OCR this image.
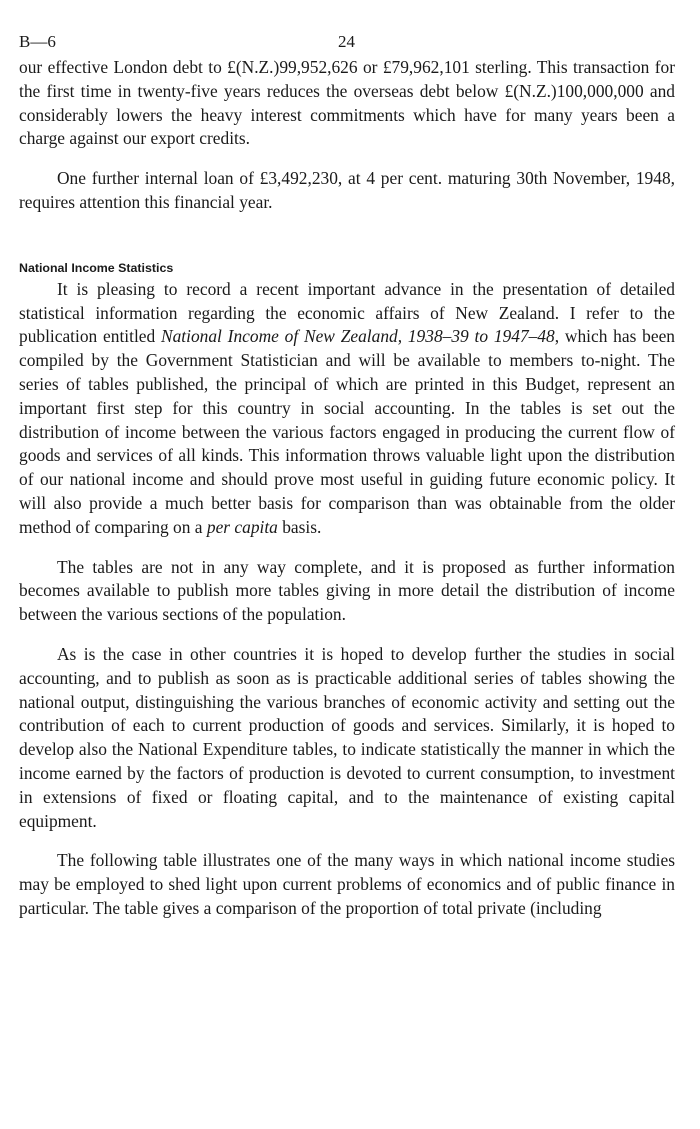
B—6	24

our effective London debt to £(N.Z.)99,952,626 or £79,962,101 sterling. This transaction for the first time in twenty-five years reduces the overseas debt below £(N.Z.)100,000,000 and considerably lowers the heavy interest commitments which have for many years been a charge against our export credits.

One further internal loan of £3,492,230, at 4 per cent. maturing 30th November, 1948, requires attention this financial year.

National Income Statistics

It is pleasing to record a recent important advance in the presentation of detailed statistical information regarding the economic affairs of New Zealand. I refer to the publication entitled National Income of New Zealand, 1938–39 to 1947–48, which has been compiled by the Government Statistician and will be available to members to-night. The series of tables published, the principal of which are printed in this Budget, represent an important first step for this country in social accounting. In the tables is set out the distribution of income between the various factors engaged in producing the current flow of goods and services of all kinds. This information throws valuable light upon the distribution of our national income and should prove most useful in guiding future economic policy. It will also provide a much better basis for comparison than was obtainable from the older method of comparing on a per capita basis.

The tables are not in any way complete, and it is proposed as further information becomes available to publish more tables giving in more detail the distribution of income between the various sections of the population.

As is the case in other countries it is hoped to develop further the studies in social accounting, and to publish as soon as is practicable additional series of tables showing the national output, distinguishing the various branches of economic activity and setting out the contribution of each to current production of goods and services. Similarly, it is hoped to develop also the National Expenditure tables, to indicate statistically the manner in which the income earned by the factors of production is devoted to current consumption, to investment in extensions of fixed or floating capital, and to the maintenance of existing capital equipment.

The following table illustrates one of the many ways in which national income studies may be employed to shed light upon current problems of economics and of public finance in particular. The table gives a comparison of the proportion of total private (including
